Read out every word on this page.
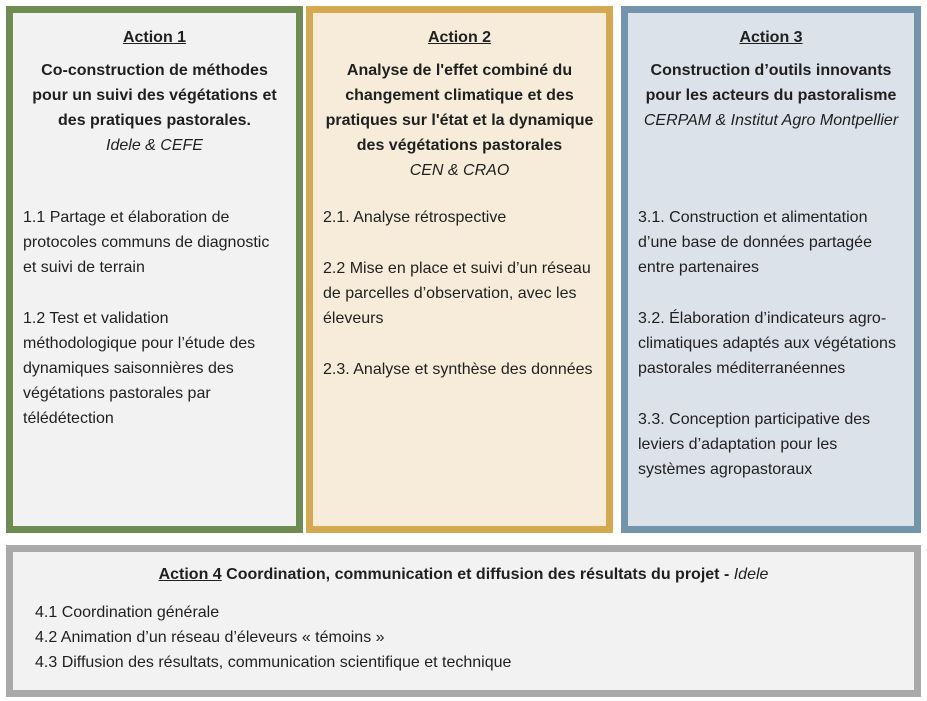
Action 1

Co-construction de méthodes pour un suivi des végétations et des pratiques pastorales.

Idele & CEFE

1.1 Partage et élaboration de protocoles communs de diagnostic et suivi de terrain

1.2 Test et validation méthodologique pour l’étude des dynamiques saisonnières des végétations pastorales par télédétection

Action 2

Analyse de l'effet combiné du changement climatique et des pratiques sur l'état et la dynamique des végétations pastorales

CEN & CRAO

2.1. Analyse rétrospective

2.2 Mise en place et suivi d’un réseau de parcelles d’observation, avec les éleveurs

2.3. Analyse et synthèse des données

Action 3

Construction d’outils innovants pour les acteurs du pastoralisme

CERPAM & Institut Agro Montpellier

3.1. Construction et alimentation d’une base de données partagée entre partenaires

3.2. Élaboration d’indicateurs agro-climatiques adaptés aux végétations pastorales méditerranéennes

3.3. Conception participative des leviers d’adaptation pour les systèmes agropastoraux

Action 4 Coordination, communication et diffusion des résultats du projet - Idele

4.1 Coordination générale

4.2 Animation d’un réseau d’éleveurs « témoins »

4.3 Diffusion des résultats, communication scientifique et technique
